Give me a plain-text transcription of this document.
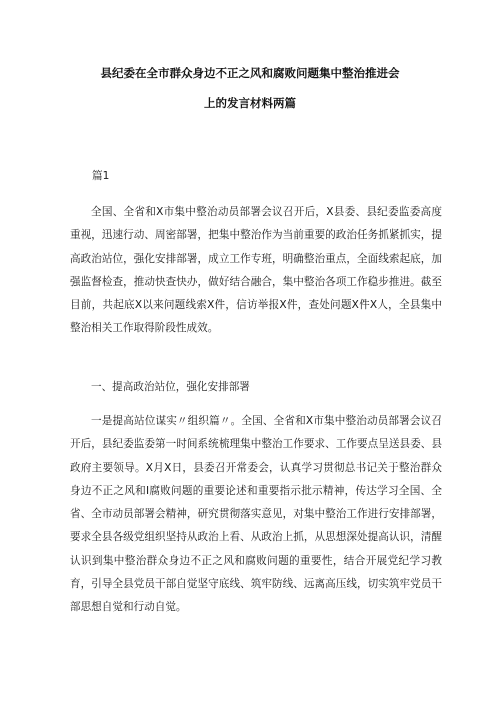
县纪委在全市群众身边不正之风和腐败问题集中整治推进会
上的发言材料两篇
篇1

全国、全省和X市集中整治动员部署会议召开后，X县委、县纪委监委高度重视，迅速行动、周密部署，把集中整治作为当前重要的政治任务抓紧抓实，提高政治站位，强化安排部署，成立工作专班，明确整治重点，全面线索起底，加强监督检查，推动快查快办，做好结合融合，集中整治各项工作稳步推进。截至目前，共起底X以来问题线索X件，信访举报X件，查处问题X件X人，全县集中整治相关工作取得阶段性成效。

一、提高政治站位，强化安排部署

一是提高站位谋实〃组织篇〃。全国、全省和X市集中整治动员部署会议召开后，县纪委监委第一时间系统梳理集中整治工作要求、工作要点呈送县委、县政府主要领导。X月X日，县委召开常委会，认真学习贯彻总书记关于整治群众身边不正之风和I腐败问题的重要论述和重要指示批示精神，传达学习全国、全省、全市动员部署会精神，研究贯彻落实意见，对集中整治工作进行安排部署，要求全县各级党组织坚持从政治上看、从政治上抓，从思想深处提高认识，清醒认识到集中整治群众身边不正之风和腐败问题的重要性，结合开展党纪学习教育，引导全县党员干部自觉坚守底线、筑牢防线、远离高压线，切实筑牢党员干部思想自觉和行动自觉。
